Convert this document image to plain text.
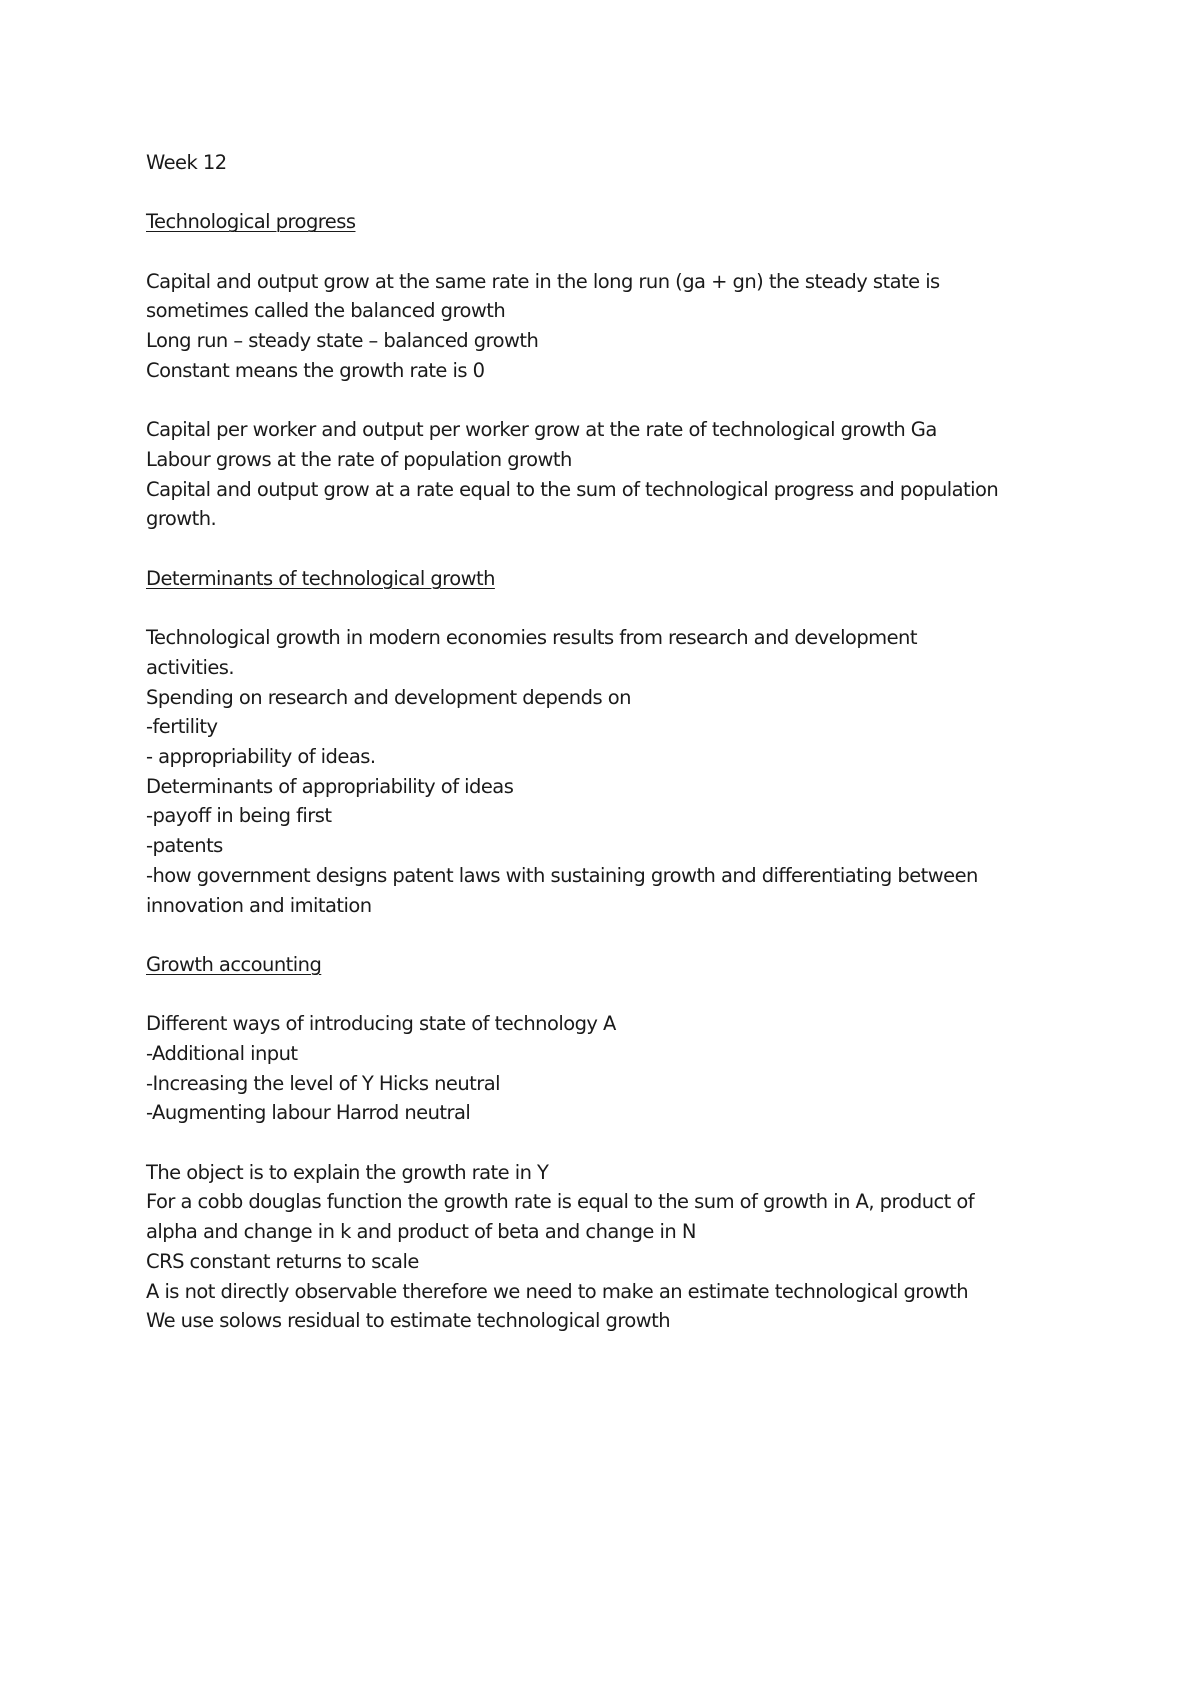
Week 12
Technological progress
Capital and output grow at the same rate in the long run (ga + gn) the steady state is
sometimes called the balanced growth
Long run – steady state – balanced growth
Constant means the growth rate is 0
Capital per worker and output per worker grow at the rate of technological growth Ga
Labour grows at the rate of population growth
Capital and output grow at a rate equal to the sum of technological progress and population
growth.
Determinants of technological growth
Technological growth in modern economies results from research and development
activities.
Spending on research and development depends on
-fertility
- appropriability of ideas.
Determinants of appropriability of ideas
-payoff in being first
-patents
-how government designs patent laws with sustaining growth and differentiating between
innovation and imitation
Growth accounting
Different ways of introducing state of technology A
-Additional input
-Increasing the level of Y Hicks neutral
-Augmenting labour Harrod neutral
The object is to explain the growth rate in Y
For a cobb douglas function the growth rate is equal to the sum of growth in A, product of
alpha and change in k and product of beta and change in N
CRS constant returns to scale
A is not directly observable therefore we need to make an estimate technological growth
We use solows residual to estimate technological growth
